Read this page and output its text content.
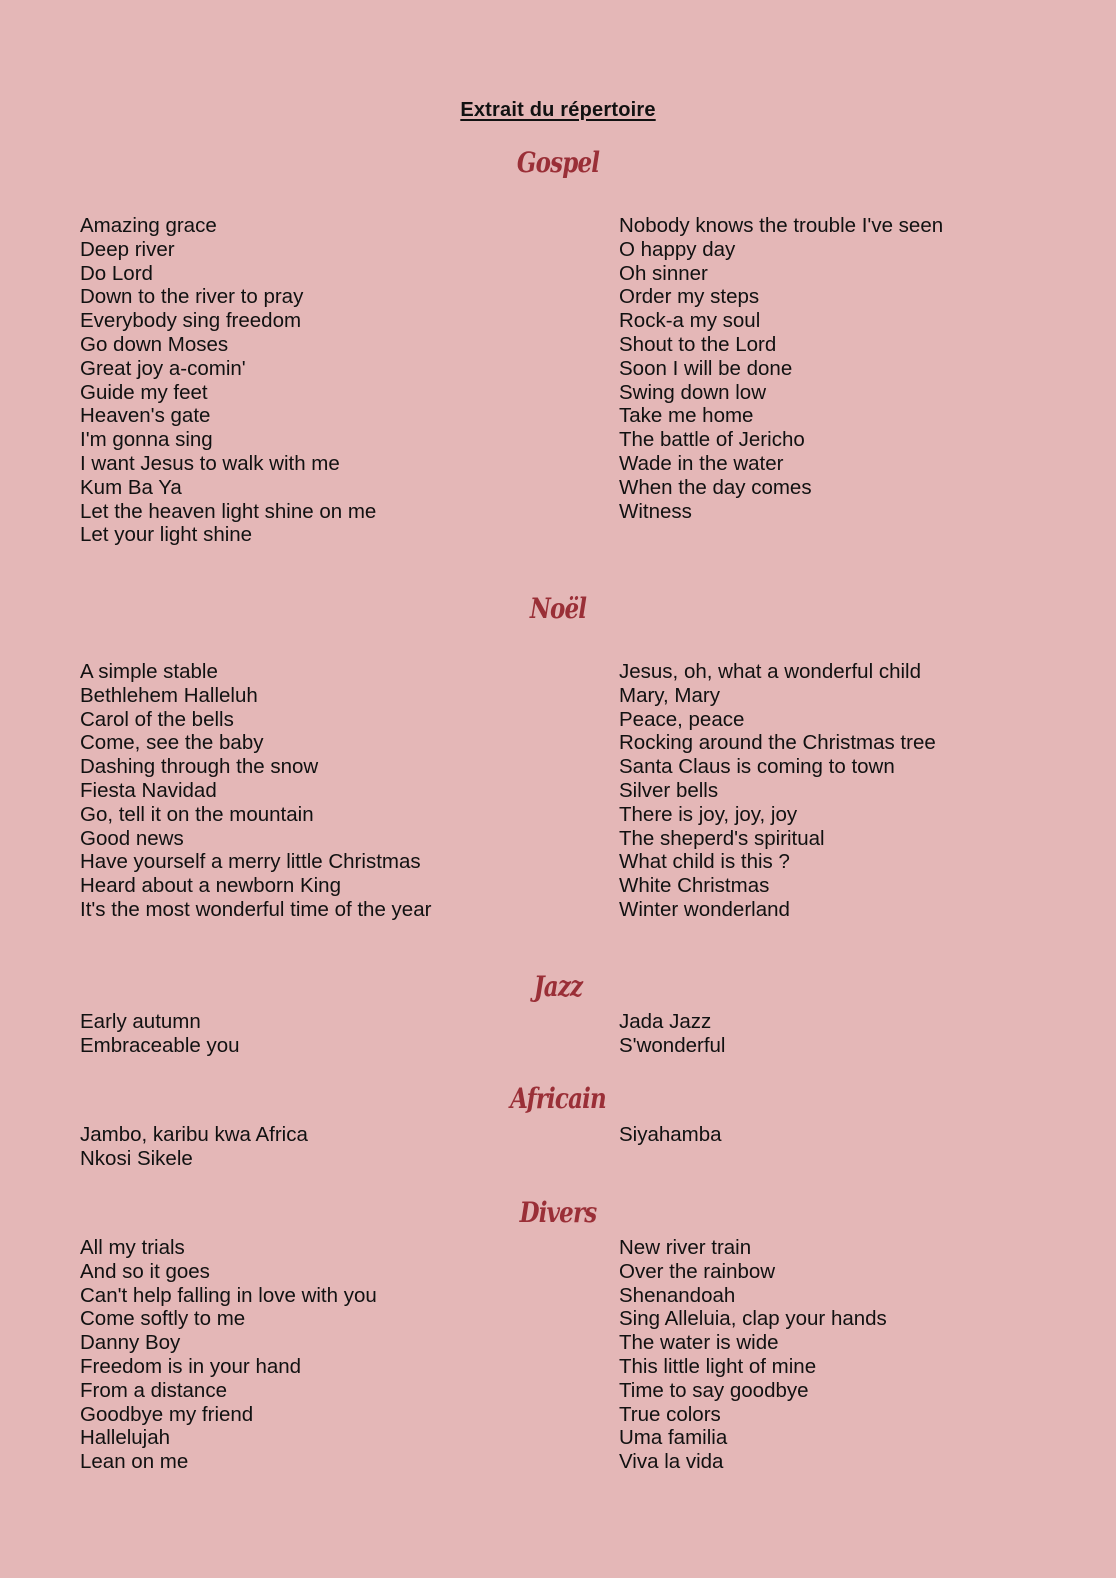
Extrait du répertoire
Gospel
Amazing grace
Deep river
Do Lord
Down to the river to pray
Everybody sing freedom
Go down Moses
Great joy a-comin'
Guide my feet
Heaven's gate
I'm gonna sing
I want Jesus to walk with me
Kum Ba Ya
Let the heaven light shine on me
Let your light shine
Nobody knows the trouble I've seen
O happy day
Oh sinner
Order my steps
Rock-a my soul
Shout to the Lord
Soon I will be done
Swing down low
Take me home
The battle of Jericho
Wade in the water
When the day comes
Witness
Noël
A simple stable
Bethlehem Halleluh
Carol of the bells
Come, see the baby
Dashing through the snow
Fiesta Navidad
Go, tell it on the mountain
Good news
Have yourself a merry little Christmas
Heard about a newborn King
It's the most wonderful time of the year
Jesus, oh, what a wonderful child
Mary, Mary
Peace, peace
Rocking around the Christmas tree
Santa Claus is coming to town
Silver bells
There is joy, joy, joy
The sheperd's spiritual
What child is this ?
White Christmas
Winter wonderland
Jazz
Early autumn
Embraceable you
Jada Jazz
S'wonderful
Africain
Jambo, karibu kwa Africa
Nkosi Sikele
Siyahamba
Divers
All my trials
And so it goes
Can't help falling in love with you
Come softly to me
Danny Boy
Freedom is in your hand
From a distance
Goodbye my friend
Hallelujah
Lean on me
New river train
Over the rainbow
Shenandoah
Sing Alleluia, clap your hands
The water is wide
This little light of mine
Time to say goodbye
True colors
Uma familia
Viva la vida
